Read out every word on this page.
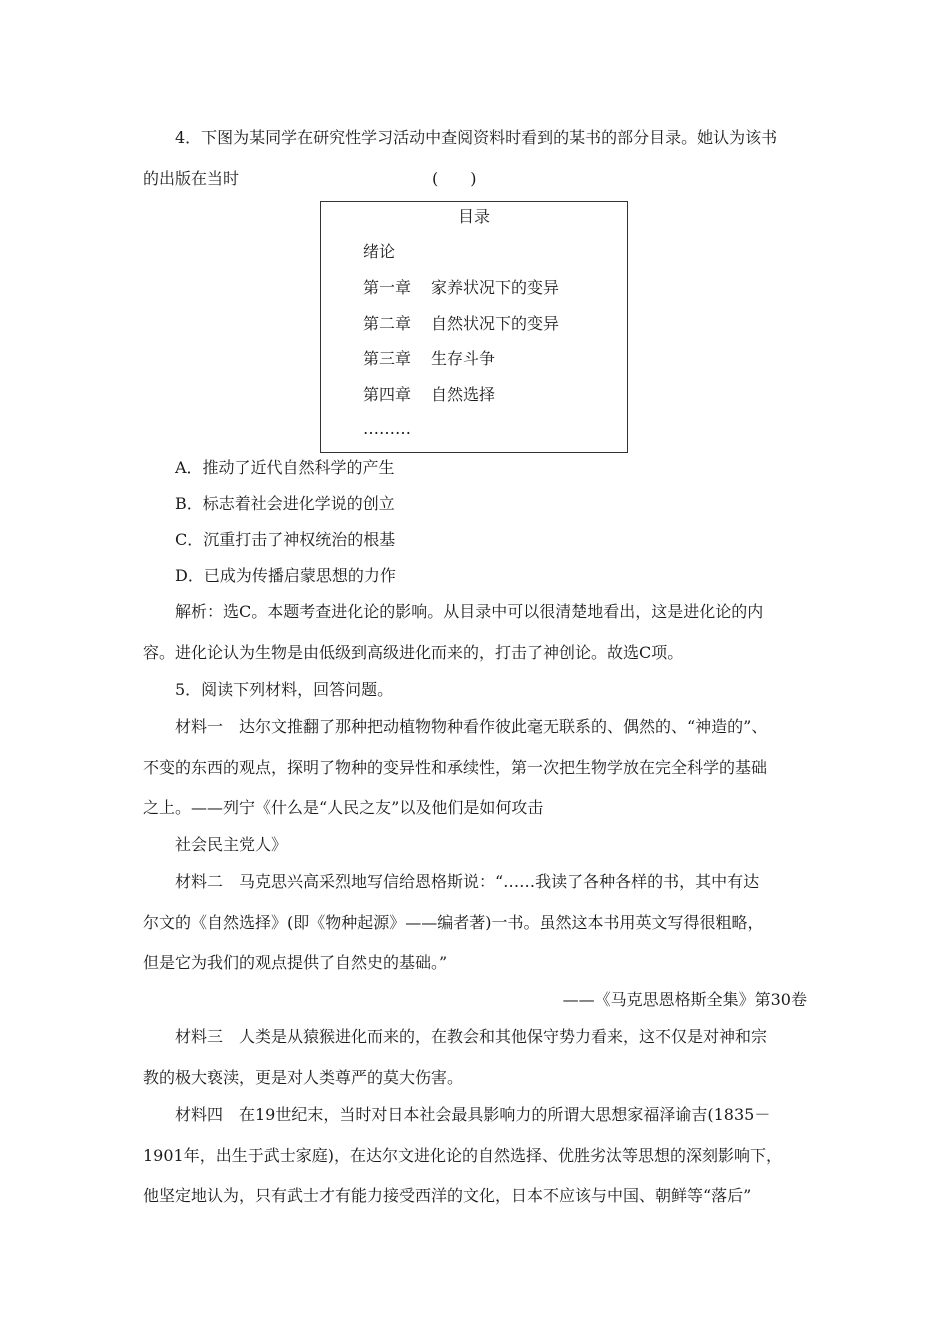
4．下图为某同学在研究性学习活动中查阅资料时看到的某书的部分目录。她认为该书
的出版在当时	(　　)
目录
绪论
第一章 家养状况下的变异
第二章 自然状况下的变异
第三章 生存斗争
第四章 自然选择
………
A．推动了近代自然科学的产生
B．标志着社会进化学说的创立
C．沉重打击了神权统治的根基
D．已成为传播启蒙思想的力作
解析：选C。本题考查进化论的影响。从目录中可以很清楚地看出，这是进化论的内
容。进化论认为生物是由低级到高级进化而来的，打击了神创论。故选C项。
5．阅读下列材料，回答问题。
材料一　达尔文推翻了那种把动植物物种看作彼此毫无联系的、偶然的、“神造的”、
不变的东西的观点，探明了物种的变异性和承续性，第一次把生物学放在完全科学的基础
之上。——列宁《什么是“人民之友”以及他们是如何攻击
社会民主党人》
材料二　马克思兴高采烈地写信给恩格斯说：“……我读了各种各样的书，其中有达
尔文的《自然选择》(即《物种起源》——编者著)一书。虽然这本书用英文写得很粗略，
但是它为我们的观点提供了自然史的基础。”
——《马克思恩格斯全集》第30卷
材料三　人类是从猿猴进化而来的，在教会和其他保守势力看来，这不仅是对神和宗
教的极大亵渎，更是对人类尊严的莫大伤害。
材料四　在19世纪末，当时对日本社会最具影响力的所谓大思想家福泽谕吉(1835－
1901年，出生于武士家庭)，在达尔文进化论的自然选择、优胜劣汰等思想的深刻影响下，
他坚定地认为，只有武士才有能力接受西洋的文化，日本不应该与中国、朝鲜等“落后”
